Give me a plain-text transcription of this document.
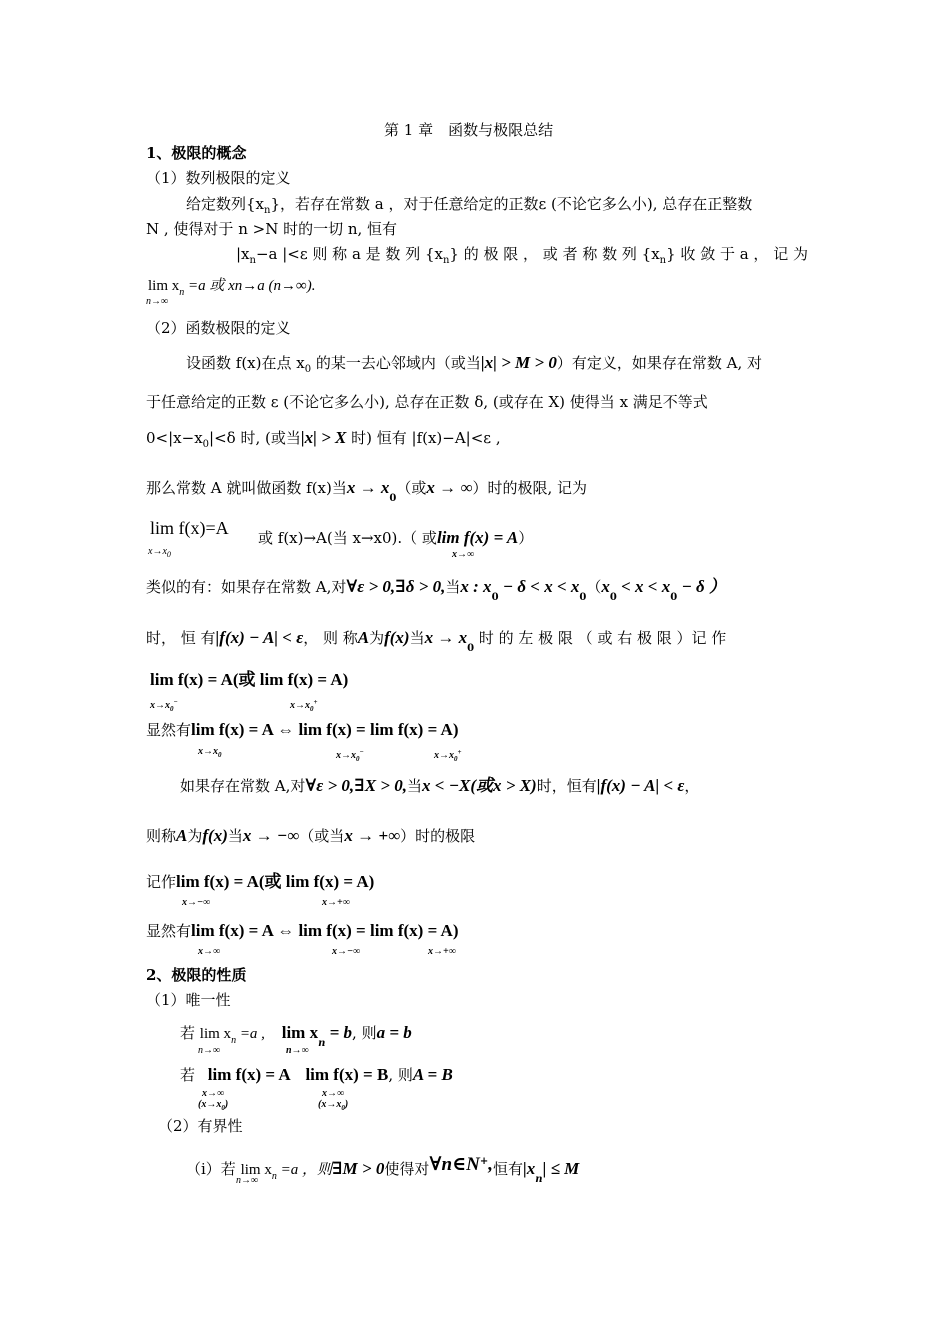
第 1 章　函数与极限总结
1、极限的概念
（1）数列极限的定义
给定数列$\{x_n\}$，若存在常数 a ，对于任意给定的正数ε (不论它多么小), 总存在正整数
N , 使得对于 n >N 时的一切 n, 恒有
$|x_n-a$ |<ε 则 称 a 是 数 列 $\{x_n\}$ 的 极 限 ， 或 者 称 数 列 $\{x_n\}$ 收 敛 于 a ， 记 为
$\lim x_n =a$ 或 xn→a (n→∞).
n→∞
（2）函数极限的定义
设函数 f(x)在点 $x_0$ 的某一去心邻域内（或当|x| > M > 0）有定义，如果存在常数 A, 对
于任意给定的正数 ε (不论它多么小), 总存在正数 δ, (或存在 X) 使得当 x 满足不等式
$0<|x-x_0|<\delta$ 时, (或当|x| > X 时) 恒有 |f(x)−A|<ε ,
那么常数 A 就叫做函数 f(x)当$x \to x_0$（或x → ∞）时的极限, 记为
lim f(x)=A
$x\to x_0$
或 f(x)→A(当 x→x0).（ 或lim f(x) = A）
x→∞
类似的有：如果存在常数 A,对∀ε > 0,∃δ > 0,当x : $x_0 - \delta < x < x_0(x_0 < x < x_0 - \delta$ ）
时， 恒 有|f(x) − A| < ε， 则 称A为f(x)当$x \to x_0$ 时 的 左 极 限 （ 或 右 极 限 ）记 作
lim f(x) = A(或 lim f(x) = A)
$x\to x_0^-$	$x\to x_0^+$
显然有lim f(x) = A ⇔ lim f(x) = lim f(x) = A)
$x\to x_0$	$x\to x_0^-$	$x\to x_0^+$
如果存在常数 A,对∀ε > 0,∃X > 0,当x < −X(或x > X)时，恒有|f(x) − A| < ε，
则称A为f(x)当x → −∞（或当x → +∞）时的极限
记作lim f(x) = A(或 lim f(x) = A)
x→−∞	x→+∞
显然有lim f(x) = A ⇔ lim f(x) = lim f(x) = A)
x→∞	x→−∞	x→+∞
2、极限的性质
（1）唯一性
若 $\lim x_n =a$ , $\lim x_n = b$, 则a = b
n→∞	n→∞
若 lim f(x) = A lim f(x) = B, 则A = B
x→∞
$(x\to x_0)$
x→∞
$(x\to x_0)$
（2）有界性
（i）若 $\lim x_n =a$ ，则∃M > 0使得对∀n∈N+,恒有$|x_n| \le M$
n→∞
